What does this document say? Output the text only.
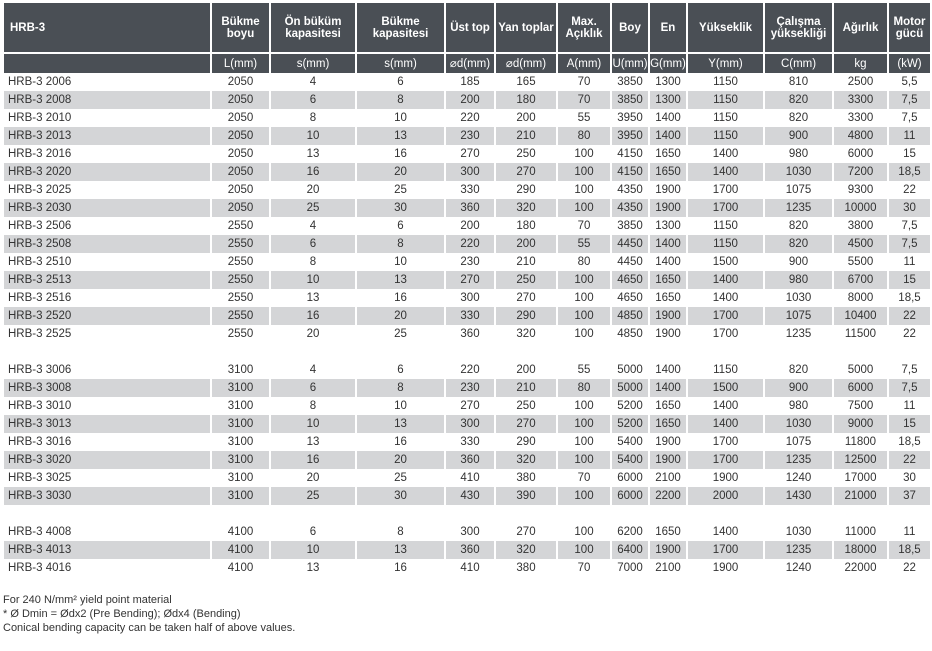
HRB-3	Bükme boyu	Ön büküm kapasitesi	Bükme kapasitesi	Üst top	Yan toplar	Max. Açıklık	Boy	En	Yükseklik	Çalışma yüksekliği	Ağırlık	Motor gücü
	L(mm)	s(mm)	s(mm)	⌀d(mm)	⌀d(mm)	A(mm)	U(mm)	G(mm)	Y(mm)	C(mm)	kg	(kW)
HRB-3 2006	2050	4	6	185	165	70	3850	1300	1150	810	2500	5,5
HRB-3 2008	2050	6	8	200	180	70	3850	1300	1150	820	3300	7,5
HRB-3 2010	2050	8	10	220	200	55	3950	1400	1150	820	3300	7,5
HRB-3 2013	2050	10	13	230	210	80	3950	1400	1150	900	4800	11
HRB-3 2016	2050	13	16	270	250	100	4150	1650	1400	980	6000	15
HRB-3 2020	2050	16	20	300	270	100	4150	1650	1400	1030	7200	18,5
HRB-3 2025	2050	20	25	330	290	100	4350	1900	1700	1075	9300	22
HRB-3 2030	2050	25	30	360	320	100	4350	1900	1700	1235	10000	30
HRB-3 2506	2550	4	6	200	180	70	3850	1300	1150	820	3800	7,5
HRB-3 2508	2550	6	8	220	200	55	4450	1400	1150	820	4500	7,5
HRB-3 2510	2550	8	10	230	210	80	4450	1400	1500	900	5500	11
HRB-3 2513	2550	10	13	270	250	100	4650	1650	1400	980	6700	15
HRB-3 2516	2550	13	16	300	270	100	4650	1650	1400	1030	8000	18,5
HRB-3 2520	2550	16	20	330	290	100	4850	1900	1700	1075	10400	22
HRB-3 2525	2550	20	25	360	320	100	4850	1900	1700	1235	11500	22

HRB-3 3006	3100	4	6	220	200	55	5000	1400	1150	820	5000	7,5
HRB-3 3008	3100	6	8	230	210	80	5000	1400	1500	900	6000	7,5
HRB-3 3010	3100	8	10	270	250	100	5200	1650	1400	980	7500	11
HRB-3 3013	3100	10	13	300	270	100	5200	1650	1400	1030	9000	15
HRB-3 3016	3100	13	16	330	290	100	5400	1900	1700	1075	11800	18,5
HRB-3 3020	3100	16	20	360	320	100	5400	1900	1700	1235	12500	22
HRB-3 3025	3100	20	25	410	380	70	6000	2100	1900	1240	17000	30
HRB-3 3030	3100	25	30	430	390	100	6000	2200	2000	1430	21000	37

HRB-3 4008	4100	6	8	300	270	100	6200	1650	1400	1030	11000	11
HRB-3 4013	4100	10	13	360	320	100	6400	1900	1700	1235	18000	18,5
HRB-3 4016	4100	13	16	410	380	70	7000	2100	1900	1240	22000	22
For 240 N/mm² yield point material
* Ø Dmin = Ødx2 (Pre Bending); Ødx4 (Bending)
Conical bending capacity can be taken half of above values.
